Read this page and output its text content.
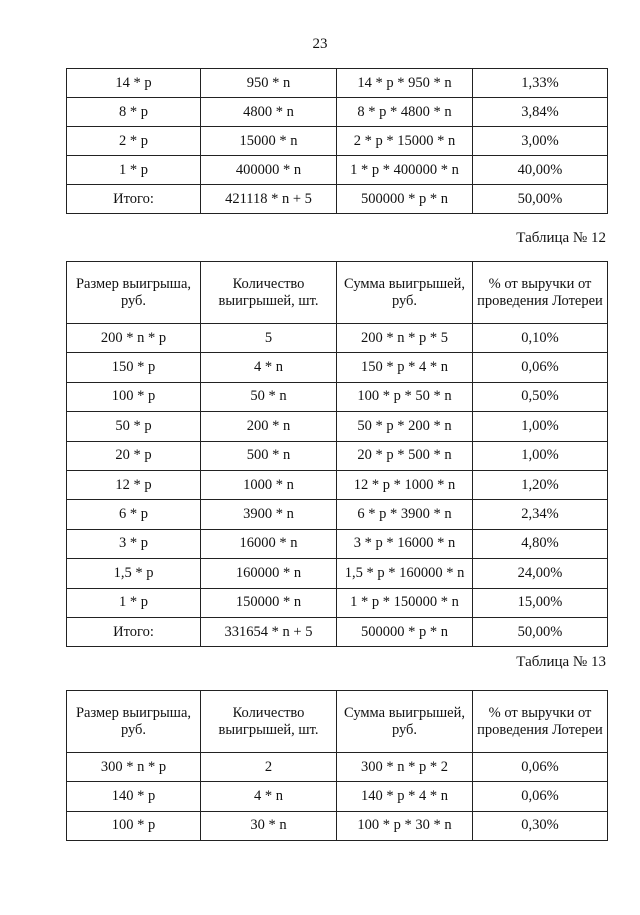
23
14 * р	950 * n	14 * р * 950 * n	1,33%
8 * р	4800 * n	8 * р * 4800 * n	3,84%
2 * р	15000 * n	2 * р * 15000 * n	3,00%
1 * р	400000 * n	1 * р * 400000 * n	40,00%
Итого:	421118 * n + 5	500000 * р * n	50,00%
Таблица № 12
Размер выигрыша, руб.	Количество выигрышей, шт.	Сумма выигрышей, руб.	% от выручки от проведения Лотереи
200 * n * р	5	200 * n * р * 5	0,10%
150 * р	4 * n	150 * р * 4 * n	0,06%
100 * р	50 * n	100 * р * 50 * n	0,50%
50 * р	200 * n	50 * р * 200 * n	1,00%
20 * р	500 * n	20 * р * 500 * n	1,00%
12 * р	1000 * n	12 * р * 1000 * n	1,20%
6 * р	3900 * n	6 * р * 3900 * n	2,34%
3 * р	16000 * n	3 * р * 16000 * n	4,80%
1,5 * р	160000 * n	1,5 * р * 160000 * n	24,00%
1 * р	150000 * n	1 * р * 150000 * n	15,00%
Итого:	331654 * n + 5	500000 * р * n	50,00%
Таблица № 13
Размер выигрыша, руб.	Количество выигрышей, шт.	Сумма выигрышей, руб.	% от выручки от проведения Лотереи
300 * n * р	2	300 * n * р * 2	0,06%
140 * р	4 * n	140 * р * 4 * n	0,06%
100 * р	30 * n	100 * р * 30 * n	0,30%
